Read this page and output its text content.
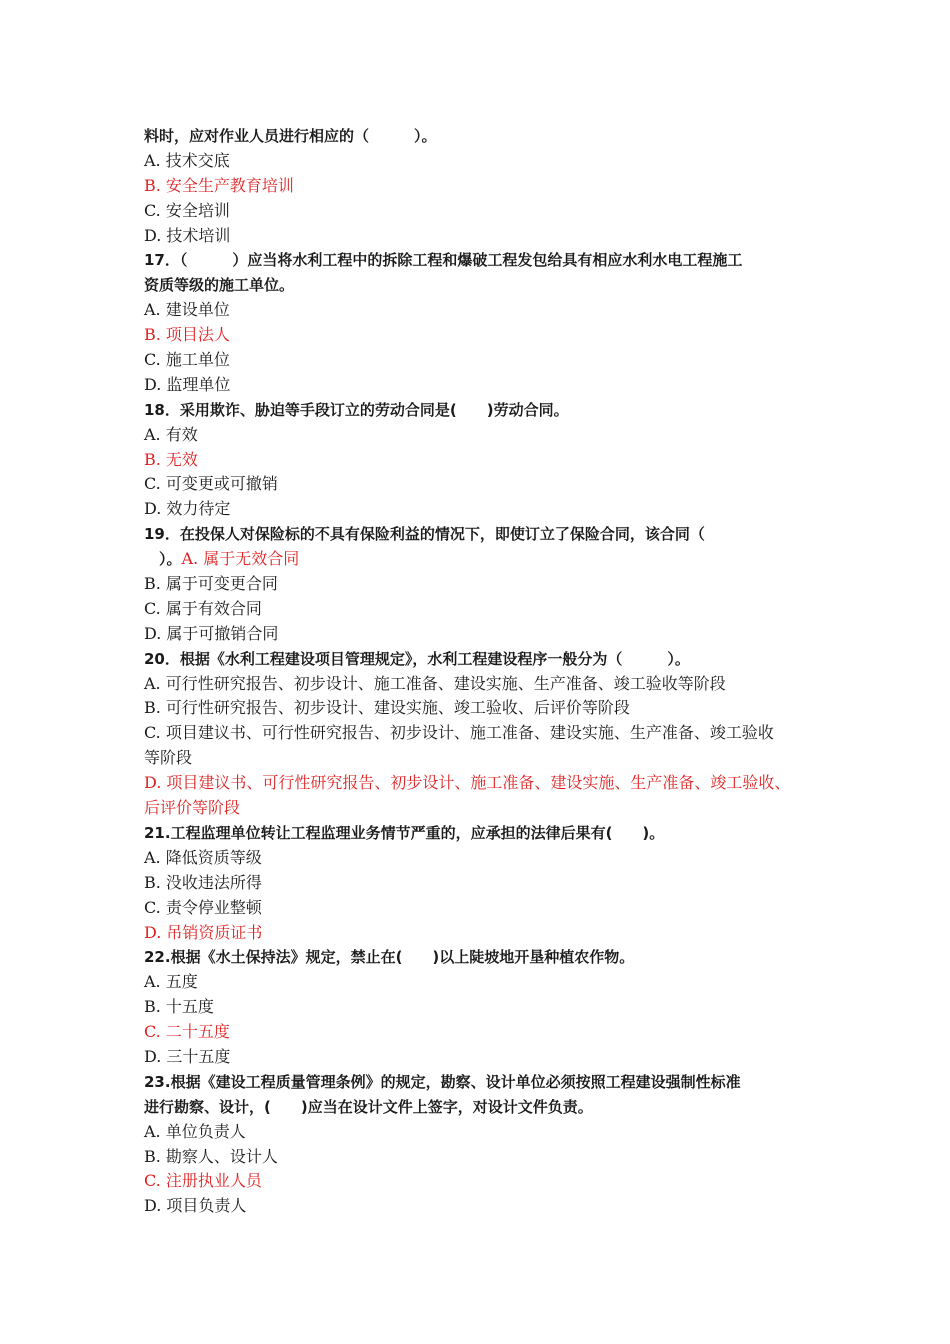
料时，应对作业人员进行相应的（　　　）。
A. 技术交底
B. 安全生产教育培训
C. 安全培训
D. 技术培训
17．（　　　）应当将水利工程中的拆除工程和爆破工程发包给具有相应水利水电工程施工
资质等级的施工单位。
A. 建设单位
B. 项目法人
C. 施工单位
D. 监理单位
18．采用欺诈、胁迫等手段订立的劳动合同是(　　)劳动合同。
A. 有效
B. 无效
C. 可变更或可撤销
D. 效力待定
19．在投保人对保险标的不具有保险利益的情况下，即使订立了保险合同，该合同（
　）。A. 属于无效合同
B. 属于可变更合同
C. 属于有效合同
D. 属于可撤销合同
20．根据《水利工程建设项目管理规定》，水利工程建设程序一般分为（　　　）。
A. 可行性研究报告、初步设计、施工准备、建设实施、生产准备、竣工验收等阶段
B. 可行性研究报告、初步设计、建设实施、竣工验收、后评价等阶段
C. 项目建议书、可行性研究报告、初步设计、施工准备、建设实施、生产准备、竣工验收
等阶段
D. 项目建议书、可行性研究报告、初步设计、施工准备、建设实施、生产准备、竣工验收、
后评价等阶段
21.工程监理单位转让工程监理业务情节严重的，应承担的法律后果有(　　)。
A. 降低资质等级
B. 没收违法所得
C. 责令停业整顿
D. 吊销资质证书
22.根据《水土保持法》规定，禁止在(　　)以上陡坡地开垦种植农作物。
A. 五度
B. 十五度
C. 二十五度
D. 三十五度
23.根据《建设工程质量管理条例》的规定，勘察、设计单位必须按照工程建设强制性标准
进行勘察、设计，(　　)应当在设计文件上签字，对设计文件负责。
A. 单位负责人
B. 勘察人、设计人
C. 注册执业人员
D. 项目负责人
